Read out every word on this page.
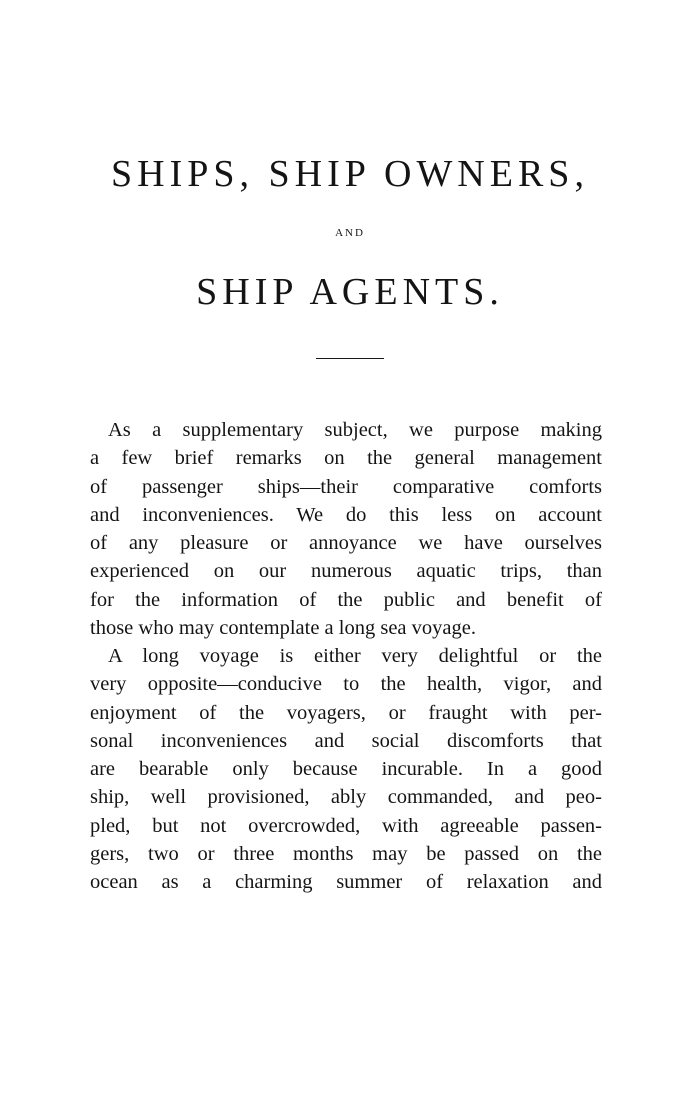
SHIPS, SHIP OWNERS,
AND
SHIP AGENTS.
As a supplementary subject, we purpose making
a few brief remarks on the general management
of passenger ships—their comparative comforts
and inconveniences. We do this less on account
of any pleasure or annoyance we have ourselves
experienced on our numerous aquatic trips, than
for the information of the public and benefit of
those who may contemplate a long sea voyage.
A long voyage is either very delightful or the
very opposite—conducive to the health, vigor, and
enjoyment of the voyagers, or fraught with per-
sonal inconveniences and social discomforts that
are bearable only because incurable. In a good
ship, well provisioned, ably commanded, and peo-
pled, but not overcrowded, with agreeable passen-
gers, two or three months may be passed on the
ocean as a charming summer of relaxation and
